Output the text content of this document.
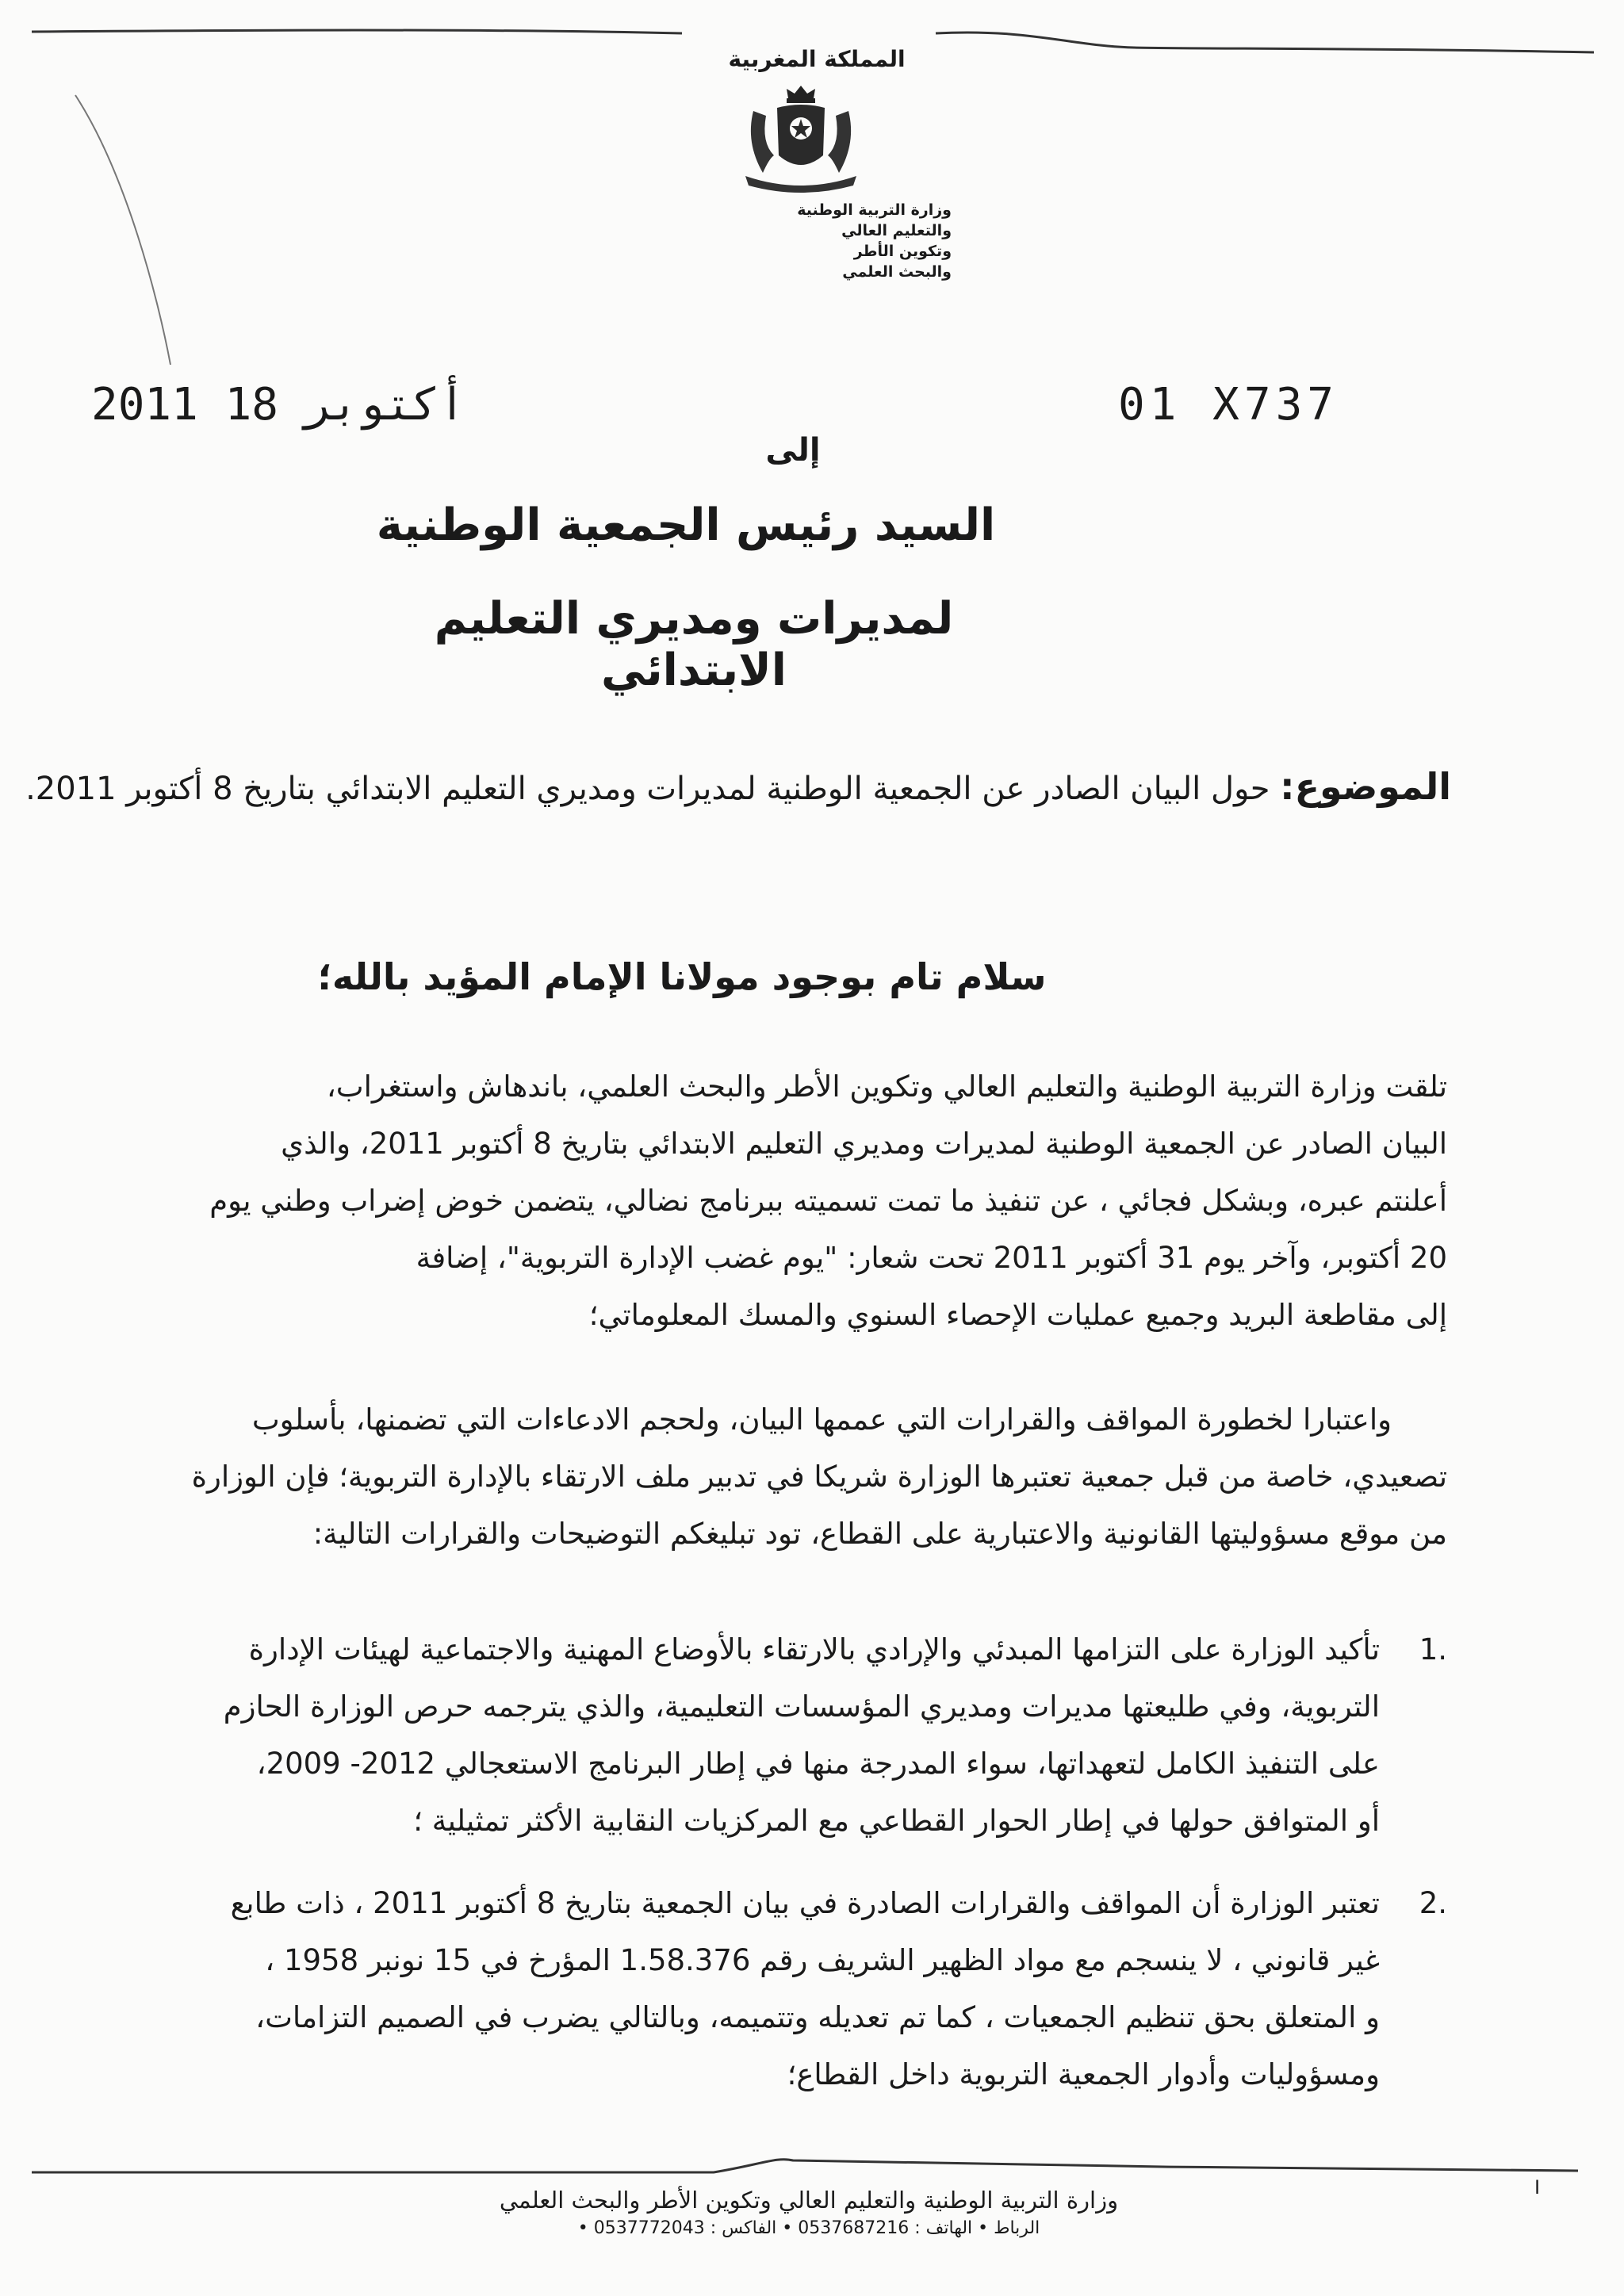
المملكة المغربية
وزارة التربية الوطنية
والتعليم العالي
وتكوين الأطر
والبحث العلمي
2011 أكتوبر 18	01 X737
إلى
السيد رئيس الجمعية الوطنية
لمديرات ومديري التعليم الابتدائي
الموضوع: حول البيان الصادر عن الجمعية الوطنية لمديرات ومديري التعليم الابتدائي بتاريخ 8 أكتوبر 2011.
سلام تام بوجود مولانا الإمام المؤيد بالله؛
تلقت وزارة التربية الوطنية والتعليم العالي وتكوين الأطر والبحث العلمي، باندهاش واستغراب،
البيان الصادر عن الجمعية الوطنية لمديرات ومديري التعليم الابتدائي بتاريخ 8 أكتوبر 2011، والذي
أعلنتم عبره، وبشكل فجائي ، عن تنفيذ ما تمت تسميته ببرنامج نضالي، يتضمن خوض إضراب وطني يوم
20 أكتوبر، وآخر يوم 31 أكتوبر 2011 تحت شعار: "يوم غضب الإدارة التربوية"، إضافة
إلى مقاطعة البريد وجميع عمليات الإحصاء السنوي والمسك المعلوماتي؛
واعتبارا لخطورة المواقف والقرارات التي عممها البيان، ولحجم الادعاءات التي تضمنها، بأسلوب
تصعيدي، خاصة من قبل جمعية تعتبرها الوزارة شريكا في تدبير ملف الارتقاء بالإدارة التربوية؛ فإن الوزارة
من موقع مسؤوليتها القانونية والاعتبارية على القطاع، تود تبليغكم التوضيحات والقرارات التالية:
1.
تأكيد الوزارة على التزامها المبدئي والإرادي بالارتقاء بالأوضاع المهنية والاجتماعية لهيئات الإدارة
التربوية، وفي طليعتها مديرات ومديري المؤسسات التعليمية، والذي يترجمه حرص الوزارة الحازم
على التنفيذ الكامل لتعهداتها، سواء المدرجة منها في إطار البرنامج الاستعجالي 2012- 2009،
أو المتوافق حولها في إطار الحوار القطاعي مع المركزيات النقابية الأكثر تمثيلية ؛
2.
تعتبر الوزارة أن المواقف والقرارات الصادرة في بيان الجمعية بتاريخ 8 أكتوبر 2011 ، ذات طابع
غير قانوني ، لا ينسجم مع مواد الظهير الشريف رقم 1.58.376 المؤرخ في 15 نونبر 1958 ،
و المتعلق بحق تنظيم الجمعيات ، كما تم تعديله وتتميمه، وبالتالي يضرب في الصميم التزامات،
ومسؤوليات وأدوار الجمعية التربوية داخل القطاع؛
وزارة التربية الوطنية والتعليم العالي وتكوين الأطر والبحث العلمي
الرباط • الهاتف : 0537687216 • الفاكس : 0537772043 •
I
